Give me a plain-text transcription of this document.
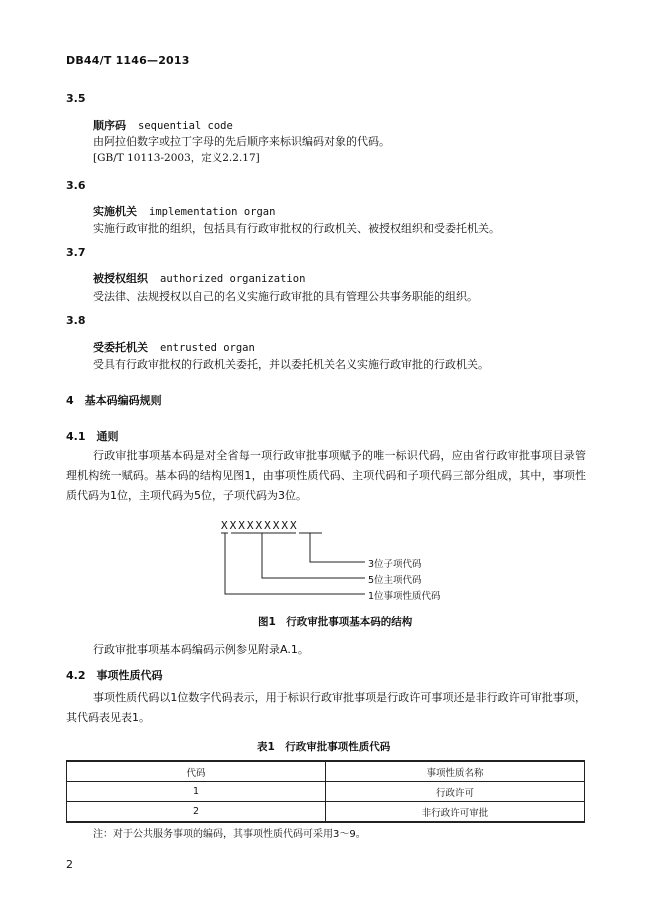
DB44/T 1146—2013
3.5
顺序码 sequential code
由阿拉伯数字或拉丁字母的先后顺序来标识编码对象的代码。
[GB/T 10113-2003，定义2.2.17]
3.6
实施机关 implementation organ
实施行政审批的组织，包括具有行政审批权的行政机关、被授权组织和受委托机关。
3.7
被授权组织 authorized organization
受法律、法规授权以自己的名义实施行政审批的具有管理公共事务职能的组织。
3.8
受委托机关 entrusted organ
受具有行政审批权的行政机关委托，并以委托机关名义实施行政审批的行政机关。
4　基本码编码规则
4.1　通则
行政审批事项基本码是对全省每一项行政审批事项赋予的唯一标识代码，应由省行政审批事项目录管理机构统一赋码。基本码的结构见图1，由事项性质代码、主项代码和子项代码三部分组成，其中，事项性质代码为1位，主项代码为5位，子项代码为3位。
XXXXXXXXX
3位子项代码
5位主项代码
1位事项性质代码
图1　行政审批事项基本码的结构
行政审批事项基本码编码示例参见附录A.1。
4.2　事项性质代码
事项性质代码以1位数字代码表示，用于标识行政审批事项是行政许可事项还是非行政许可审批事项，其代码表见表1。
表1　行政审批事项性质代码
代码	事项性质名称
1	行政许可
2	非行政许可审批
注：对于公共服务事项的编码，其事项性质代码可采用3～9。
2
